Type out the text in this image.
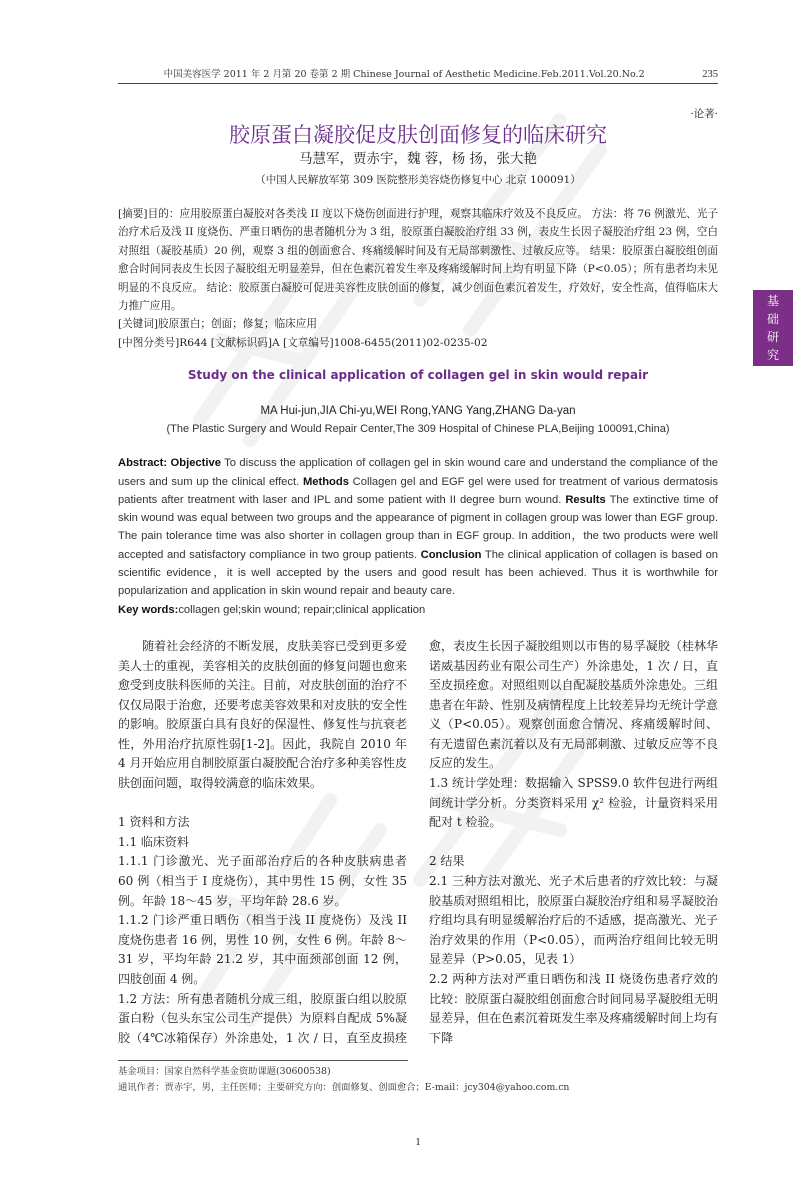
基
础
研
究
中国美容医学 2011 年 2 月第 20 卷第 2 期 Chinese Journal of Aesthetic Medicine.Feb.2011.Vol.20.No.2	235
·论著·
胶原蛋白凝胶促皮肤创面修复的临床研究
马慧军，贾赤宇，魏 蓉，杨 扬，张大艳
（中国人民解放军第 309 医院整形美容烧伤修复中心 北京 100091）

[摘要]目的：应用胶原蛋白凝胶对各类浅 II 度以下烧伤创面进行护理，观察其临床疗效及不良反应。 方法：将 76 例激光、光子治疗术后及浅 II 度烧伤、严重日晒伤的患者随机分为 3 组，胶原蛋白凝胶治疗组 33 例，表皮生长因子凝胶治疗组 23 例，空白对照组（凝胶基质）20 例，观察 3 组的创面愈合、疼痛缓解时间及有无局部刺激性、过敏反应等。 结果：胶原蛋白凝胶组创面愈合时间同表皮生长因子凝胶组无明显差异，但在色素沉着发生率及疼痛缓解时间上均有明显下降（P<0.05）；所有患者均未见明显的不良反应。 结论：胶原蛋白凝胶可促进美容性皮肤创面的修复，减少创面色素沉着发生，疗效好，安全性高，值得临床大力推广应用。

[关键词]胶原蛋白；创面；修复；临床应用

[中图分类号]R644 [文献标识码]A [文章编号]1008-6455(2011)02-0235-02

Study on the clinical application of collagen gel in skin would repair
MA Hui-jun,JIA Chi-yu,WEI Rong,YANG Yang,ZHANG Da-yan
(The Plastic Surgery and Would Repair Center,The 309 Hospital of Chinese PLA,Beijing 100091,China)

Abstract: Objective To discuss the application of collagen gel in skin wound care and understand the compliance of the users and sum up the clinical effect. Methods Collagen gel and EGF gel were used for treatment of various dermatosis patients after treatment with laser and IPL and some patient with II degree burn wound. Results The extinctive time of skin wound was equal between two groups and the appearance of pigment in collagen group was lower than EGF group. The pain tolerance time was also shorter in collagen group than in EGF group. In addition，the two products were well accepted and satisfactory compliance in two group patients. Conclusion The clinical application of collagen is based on scientific evidence，it is well accepted by the users and good result has been achieved. Thus it is worthwhile for popularization and application in skin wound repair and beauty care.

Key words:collagen gel;skin wound; repair;clinical application

随着社会经济的不断发展，皮肤美容已受到更多爱美人士的重视，美容相关的皮肤创面的修复问题也愈来愈受到皮肤科医师的关注。目前，对皮肤创面的治疗不仅仅局限于治愈，还要考虑美容效果和对皮肤的安全性的影响。胶原蛋白具有良好的保湿性、修复性与抗衰老性，外用治疗抗原性弱[1-2]。因此，我院自 2010 年 4 月开始应用自制胶原蛋白凝胶配合治疗多种美容性皮肤创面问题，取得较满意的临床效果。

1 资料和方法

1.1 临床资料

1.1.1 门诊激光、光子面部治疗后的各种皮肤病患者 60 例（相当于 I 度烧伤），其中男性 15 例，女性 35 例。年龄 18～45 岁，平均年龄 28.6 岁。

1.1.2 门诊严重日晒伤（相当于浅 II 度烧伤）及浅 II 度烧伤患者 16 例，男性 10 例，女性 6 例。年龄 8～31 岁，平均年龄 21.2 岁，其中面颈部创面 12 例，四肢创面 4 例。

1.2 方法：所有患者随机分成三组，胶原蛋白组以胶原蛋白粉（包头东宝公司生产提供）为原料自配成 5%凝胶（4℃冰箱保存）外涂患处，1 次 / 日，直至皮损痊愈，表皮生长因子凝胶组则以市售的易孚凝胶（桂林华诺威基因药业有限公司生产）外涂患处，1 次 / 日，直至皮损痊愈。对照组则以自配凝胶基质外涂患处。三组患者在年龄、性别及病情程度上比较差异均无统计学意义（P<0.05）。观察创面愈合情况、疼痛缓解时间、有无遗留色素沉着以及有无局部刺激、过敏反应等不良反应的发生。

1.3 统计学处理：数据输入 SPSS9.0 软件包进行两组间统计学分析。分类资料采用 χ² 检验，计量资料采用配对 t 检验。

2 结果

2.1 三种方法对激光、光子术后患者的疗效比较：与凝胶基质对照组相比，胶原蛋白凝胶治疗组和易孚凝胶治疗组均具有明显缓解治疗后的不适感，提高激光、光子治疗效果的作用（P<0.05），而两治疗组间比较无明显差异（P>0.05，见表 1）

2.2 两种方法对严重日晒伤和浅 II 烧烫伤患者疗效的比较：胶原蛋白凝胶组创面愈合时间同易孚凝胶组无明显差异，但在色素沉着斑发生率及疼痛缓解时间上均有下降

基金项目：国家自然科学基金资助课题(30600538)
通讯作者：贾赤宇，男，主任医师；主要研究方向：创面修复、创面愈合；E-mail：jcy304@yahoo.com.cn
1
